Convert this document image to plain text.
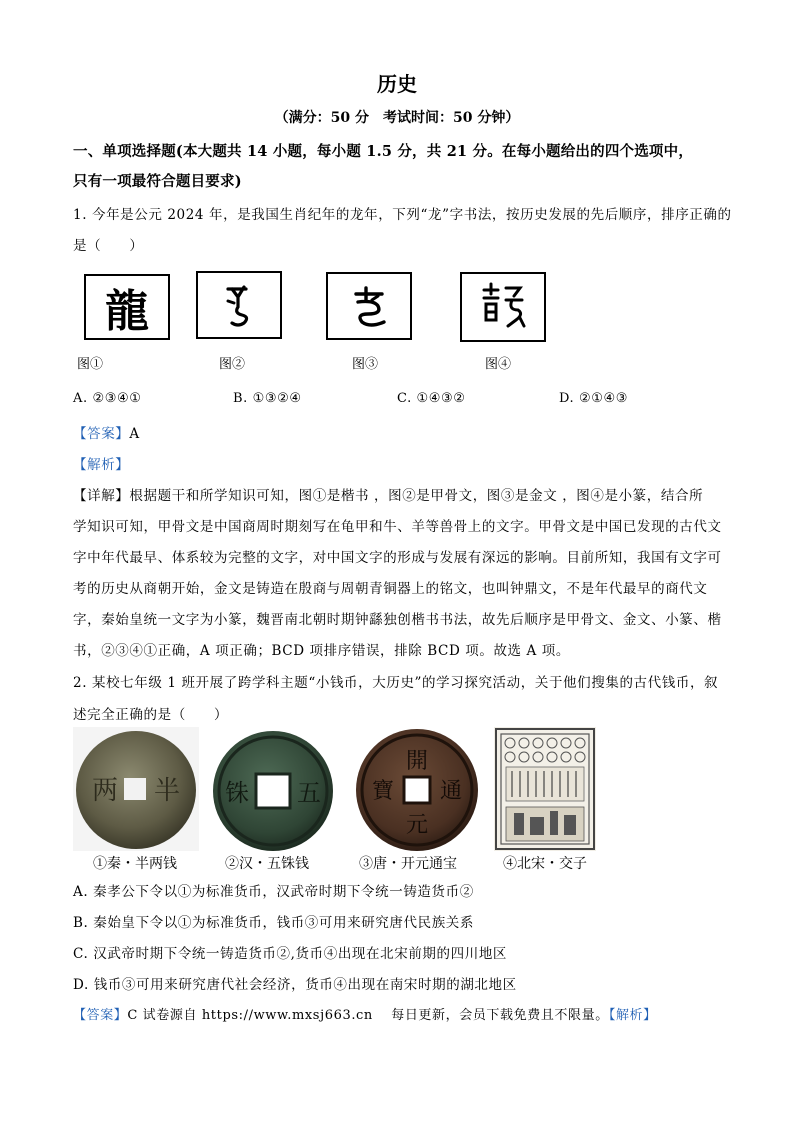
历史
（满分：50 分　考试时间：50 分钟）
一、单项选择题(本大题共 14 小题，每小题 1.5 分，共 21 分。在每小题给出的四个选项中，
只有一项最符合题目要求)
1. 今年是公元 2024 年，是我国生肖纪年的龙年，下列“龙”字书法，按历史发展的先后顺序，排序正确的
是（　　）
龍
图①	图②	图③	图④
A. ②③④①	B. ①③②④	C. ①④③②	D. ②①④③
【答案】A
【解析】
【详解】根据题干和所学知识可知，图①是楷书 ，图②是甲骨文，图③是金文 ，图④是小篆，结合所
学知识可知，甲骨文是中国商周时期刻写在龟甲和牛、羊等兽骨上的文字。甲骨文是中国已发现的古代文
字中年代最早、体系较为完整的文字，对中国文字的形成与发展有深远的影响。目前所知，我国有文字可
考的历史从商朝开始，金文是铸造在殷商与周朝青铜器上的铭文，也叫钟鼎文，不是年代最早的商代文
字，秦始皇统一文字为小篆，魏晋南北朝时期钟繇独创楷书书法，故先后顺序是甲骨文、金文、小篆、楷
书，②③④①正确，A 项正确；BCD 项排序错误，排除 BCD 项。故选 A 项。
2. 某校七年级 1 班开展了跨学科主题“小钱币，大历史”的学习探究活动，关于他们搜集的古代钱币，叙
述完全正确的是（　　）
两 半 铢 五
開
元
寶 通
①秦・半两钱	②汉・五铢钱	③唐・开元通宝	④北宋・交子
A. 秦孝公下令以①为标准货币，汉武帝时期下令统一铸造货币②
B. 秦始皇下令以①为标准货币，钱币③可用来研究唐代民族关系
C. 汉武帝时期下令统一铸造货币②,货币④出现在北宋前期的四川地区
D. 钱币③可用来研究唐代社会经济，货币④出现在南宋时期的湖北地区
【答案】C 试卷源自 https://www.mxsj663.cn　 每日更新，会员下载免费且不限量。【解析】
